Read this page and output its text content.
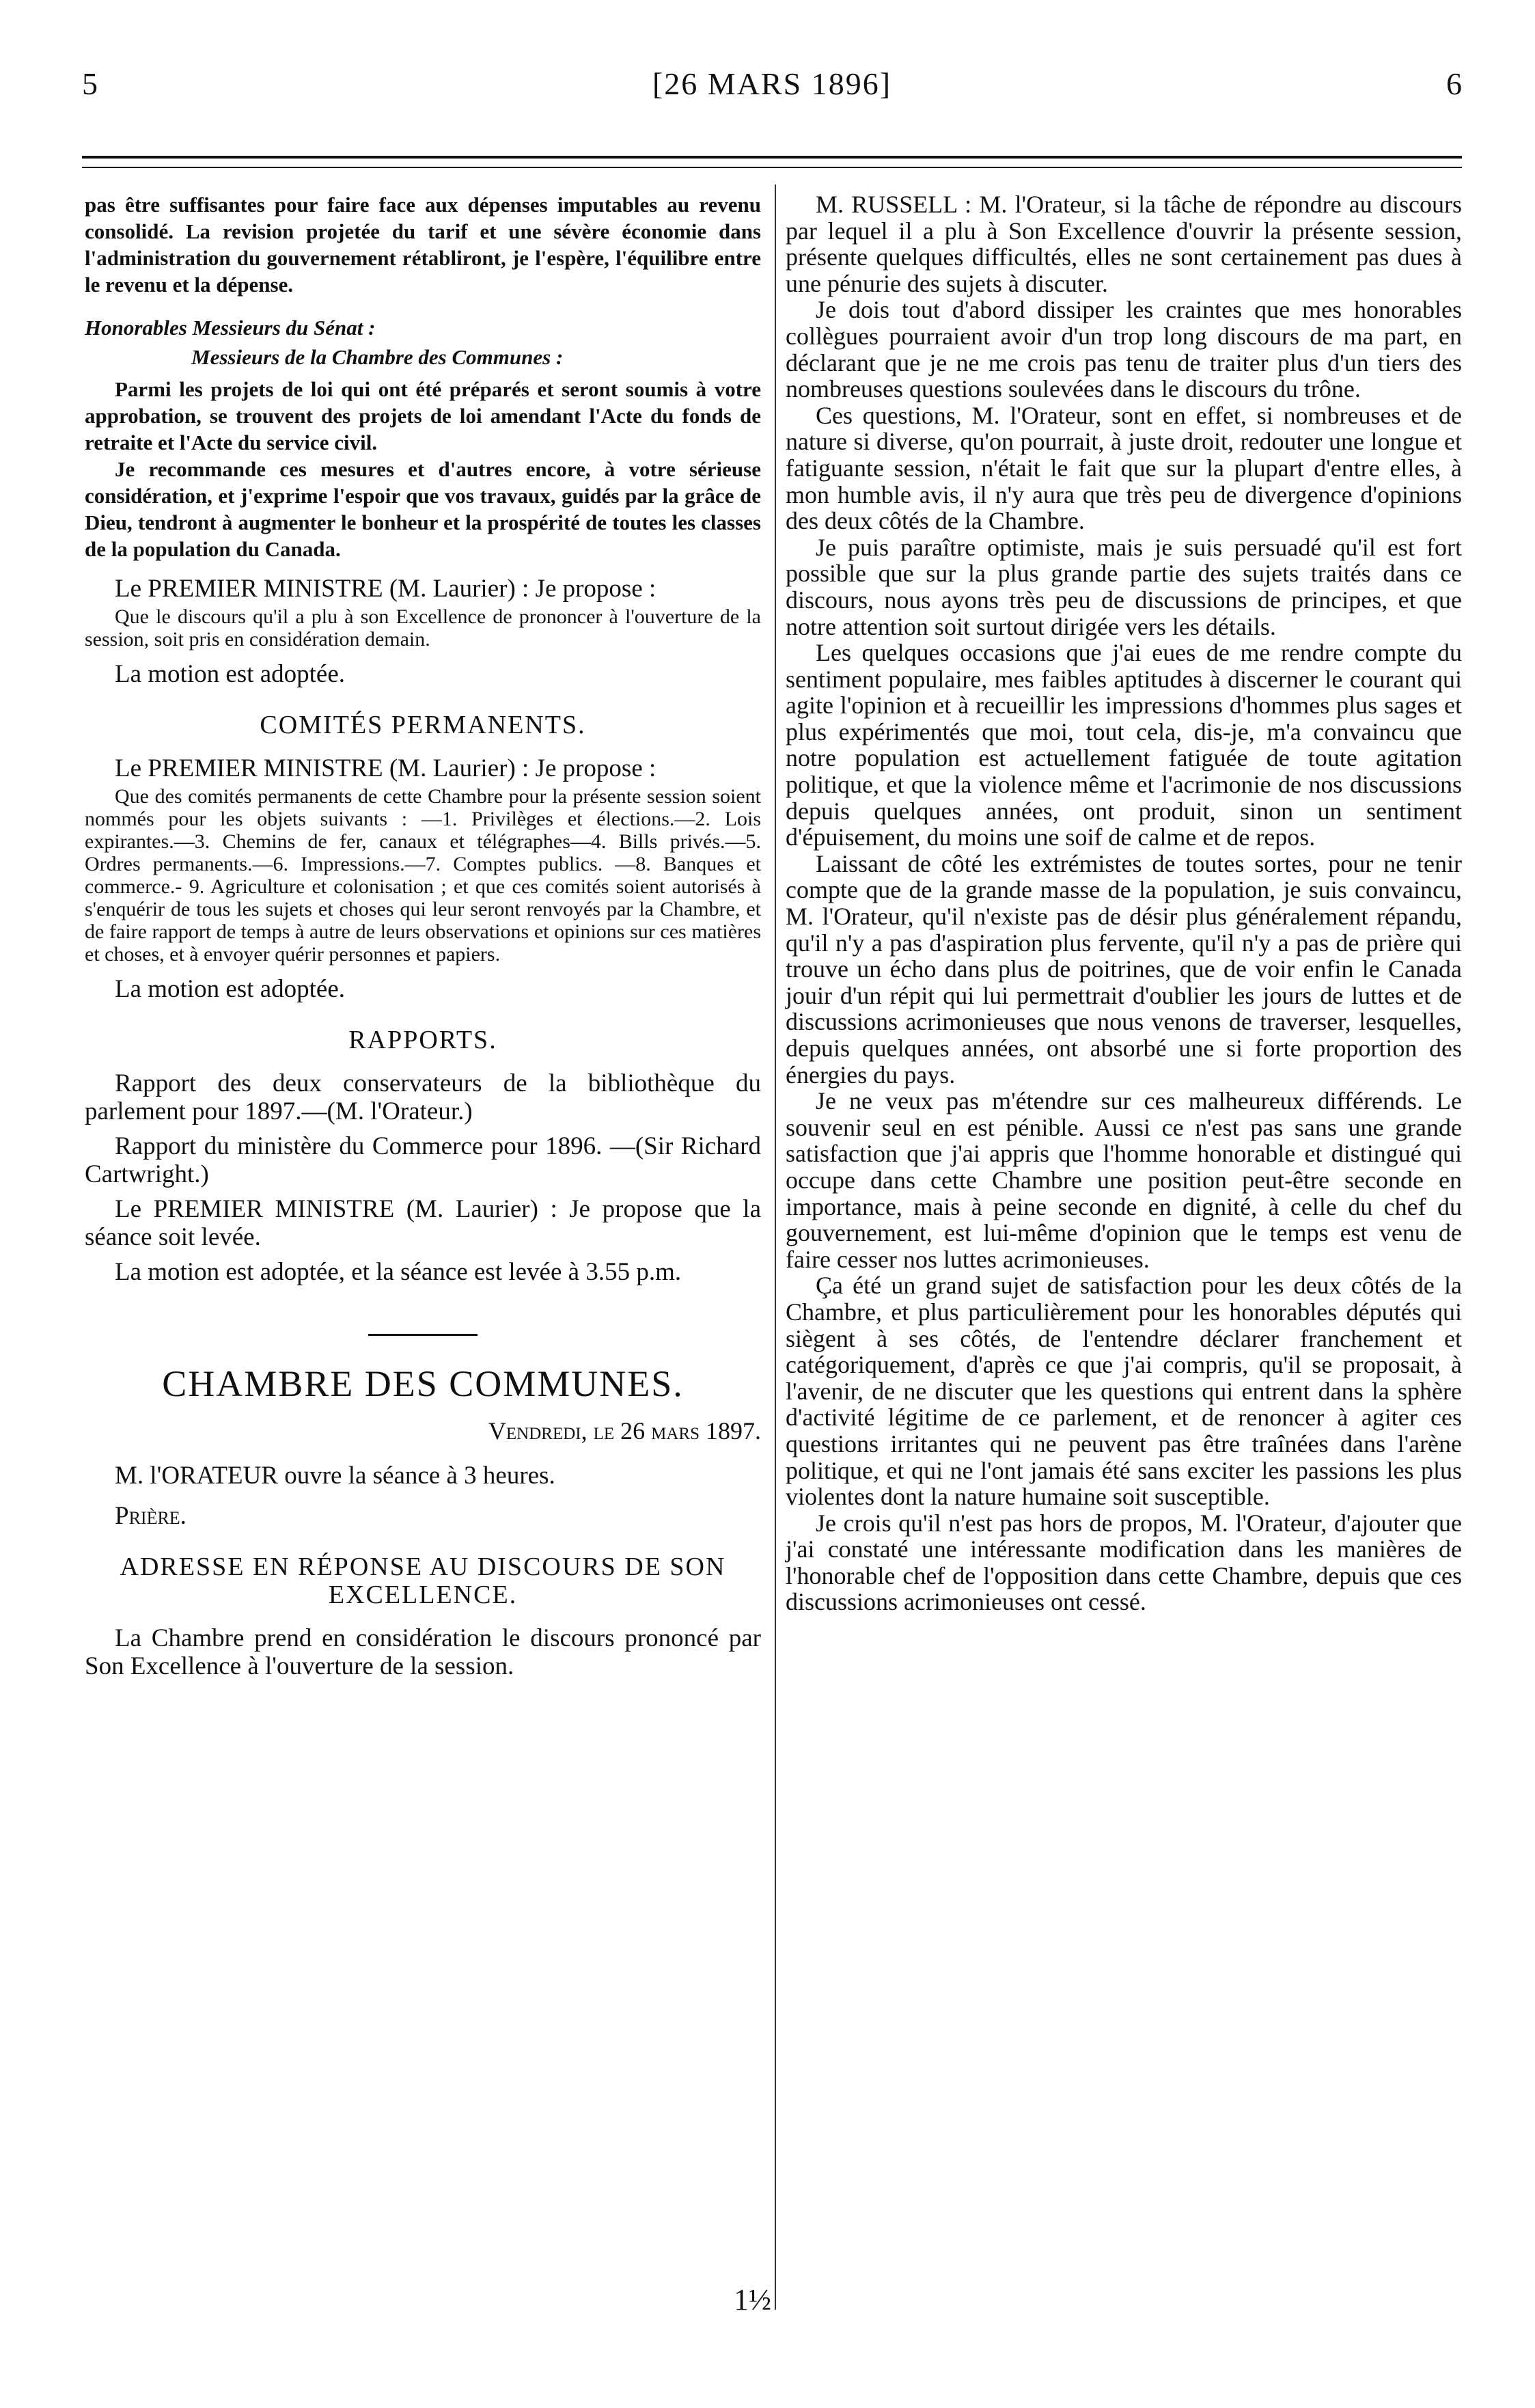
5	[26 MARS 1896]	6

pas être suffisantes pour faire face aux dépenses imputables au revenu consolidé. La revision projetée du tarif et une sévère économie dans l'administration du gouvernement rétabliront, je l'espère, l'équilibre entre le revenu et la dépense.

Honorables Messieurs du Sénat :
Messieurs de la Chambre des Communes :

Parmi les projets de loi qui ont été préparés et seront soumis à votre approbation, se trouvent des projets de loi amendant l'Acte du fonds de retraite et l'Acte du service civil.

Je recommande ces mesures et d'autres encore, à votre sérieuse considération, et j'exprime l'espoir que vos travaux, guidés par la grâce de Dieu, tendront à augmenter le bonheur et la prospérité de toutes les classes de la population du Canada.

Le PREMIER MINISTRE (M. Laurier) : Je propose :

Que le discours qu'il a plu à son Excellence de prononcer à l'ouverture de la session, soit pris en considération demain.

La motion est adoptée.

COMITÉS PERMANENTS.

Le PREMIER MINISTRE (M. Laurier) : Je propose :

Que des comités permanents de cette Chambre pour la présente session soient nommés pour les objets suivants : —1. Privilèges et élections.—2. Lois expirantes.—3. Chemins de fer, canaux et télégraphes—4. Bills privés.—5. Ordres permanents.—6. Impressions.—7. Comptes publics. —8. Banques et commerce.- 9. Agriculture et colonisation ; et que ces comités soient autorisés à s'enquérir de tous les sujets et choses qui leur seront renvoyés par la Chambre, et de faire rapport de temps à autre de leurs observations et opinions sur ces matières et choses, et à envoyer quérir personnes et papiers.

La motion est adoptée.

RAPPORTS.

Rapport des deux conservateurs de la bibliothèque du parlement pour 1897.—(M. l'Orateur.)

Rapport du ministère du Commerce pour 1896. —(Sir Richard Cartwright.)

Le PREMIER MINISTRE (M. Laurier) : Je propose que la séance soit levée.

La motion est adoptée, et la séance est levée à 3.55 p.m.

CHAMBRE DES COMMUNES.
Vendredi, le 26 mars 1897.

M. l'ORATEUR ouvre la séance à 3 heures.

Prière.

ADRESSE EN RÉPONSE AU DISCOURS DE SON EXCELLENCE.

La Chambre prend en considération le discours prononcé par Son Excellence à l'ouverture de la session.

M. RUSSELL : M. l'Orateur, si la tâche de répondre au discours par lequel il a plu à Son Excellence d'ouvrir la présente session, présente quelques difficultés, elles ne sont certainement pas dues à une pénurie des sujets à discuter.

Je dois tout d'abord dissiper les craintes que mes honorables collègues pourraient avoir d'un trop long discours de ma part, en déclarant que je ne me crois pas tenu de traiter plus d'un tiers des nombreuses questions soulevées dans le discours du trône.

Ces questions, M. l'Orateur, sont en effet, si nombreuses et de nature si diverse, qu'on pourrait, à juste droit, redouter une longue et fatiguante session, n'était le fait que sur la plupart d'entre elles, à mon humble avis, il n'y aura que très peu de divergence d'opinions des deux côtés de la Chambre.

Je puis paraître optimiste, mais je suis persuadé qu'il est fort possible que sur la plus grande partie des sujets traités dans ce discours, nous ayons très peu de discussions de principes, et que notre attention soit surtout dirigée vers les détails.

Les quelques occasions que j'ai eues de me rendre compte du sentiment populaire, mes faibles aptitudes à discerner le courant qui agite l'opinion et à recueillir les impressions d'hommes plus sages et plus expérimentés que moi, tout cela, dis-je, m'a convaincu que notre population est actuellement fatiguée de toute agitation politique, et que la violence même et l'acrimonie de nos discussions depuis quelques années, ont produit, sinon un sentiment d'épuisement, du moins une soif de calme et de repos.

Laissant de côté les extrémistes de toutes sortes, pour ne tenir compte que de la grande masse de la population, je suis convaincu, M. l'Orateur, qu'il n'existe pas de désir plus généralement répandu, qu'il n'y a pas d'aspiration plus fervente, qu'il n'y a pas de prière qui trouve un écho dans plus de poitrines, que de voir enfin le Canada jouir d'un répit qui lui permettrait d'oublier les jours de luttes et de discussions acrimonieuses que nous venons de traverser, lesquelles, depuis quelques années, ont absorbé une si forte proportion des énergies du pays.

Je ne veux pas m'étendre sur ces malheureux différends. Le souvenir seul en est pénible. Aussi ce n'est pas sans une grande satisfaction que j'ai appris que l'homme honorable et distingué qui occupe dans cette Chambre une position peut-être seconde en importance, mais à peine seconde en dignité, à celle du chef du gouvernement, est lui-même d'opinion que le temps est venu de faire cesser nos luttes acrimonieuses.

Ça été un grand sujet de satisfaction pour les deux côtés de la Chambre, et plus particulièrement pour les honorables députés qui siègent à ses côtés, de l'entendre déclarer franchement et catégoriquement, d'après ce que j'ai compris, qu'il se proposait, à l'avenir, de ne discuter que les questions qui entrent dans la sphère d'activité légitime de ce parlement, et de renoncer à agiter ces questions irritantes qui ne peuvent pas être traînées dans l'arène politique, et qui ne l'ont jamais été sans exciter les passions les plus violentes dont la nature humaine soit susceptible.

Je crois qu'il n'est pas hors de propos, M. l'Orateur, d'ajouter que j'ai constaté une intéressante modification dans les manières de l'honorable chef de l'opposition dans cette Chambre, depuis que ces discussions acrimonieuses ont cessé.

1½
